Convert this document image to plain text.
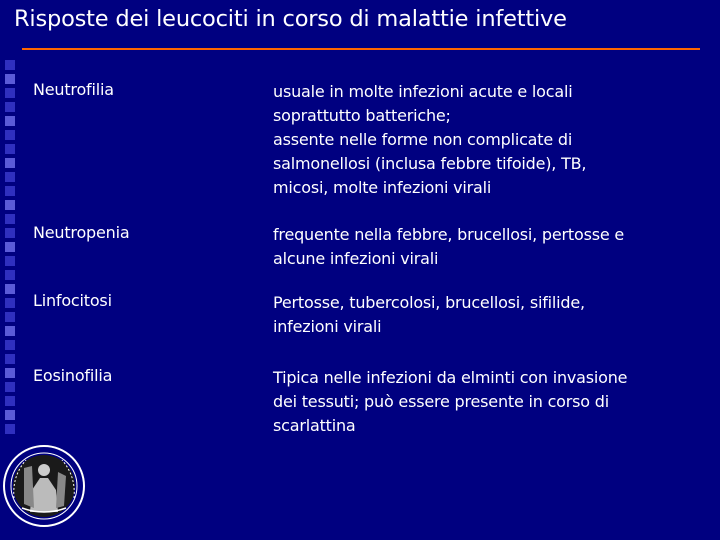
Risposte dei leucociti in corso di malattie infettive
Neutrofilia	usuale in molte infezioni acute e locali
soprattutto batteriche;
assente nelle forme non complicate di
salmonellosi (inclusa febbre tifoide), TB,
micosi, molte infezioni virali
Neutropenia	frequente nella febbre, brucellosi, pertosse e
alcune infezioni virali
Linfocitosi	Pertosse, tubercolosi, brucellosi, sifilide,
infezioni virali
Eosinofilia	Tipica nelle infezioni da elminti con invasione
dei tessuti; può essere presente in corso di
scarlattina
